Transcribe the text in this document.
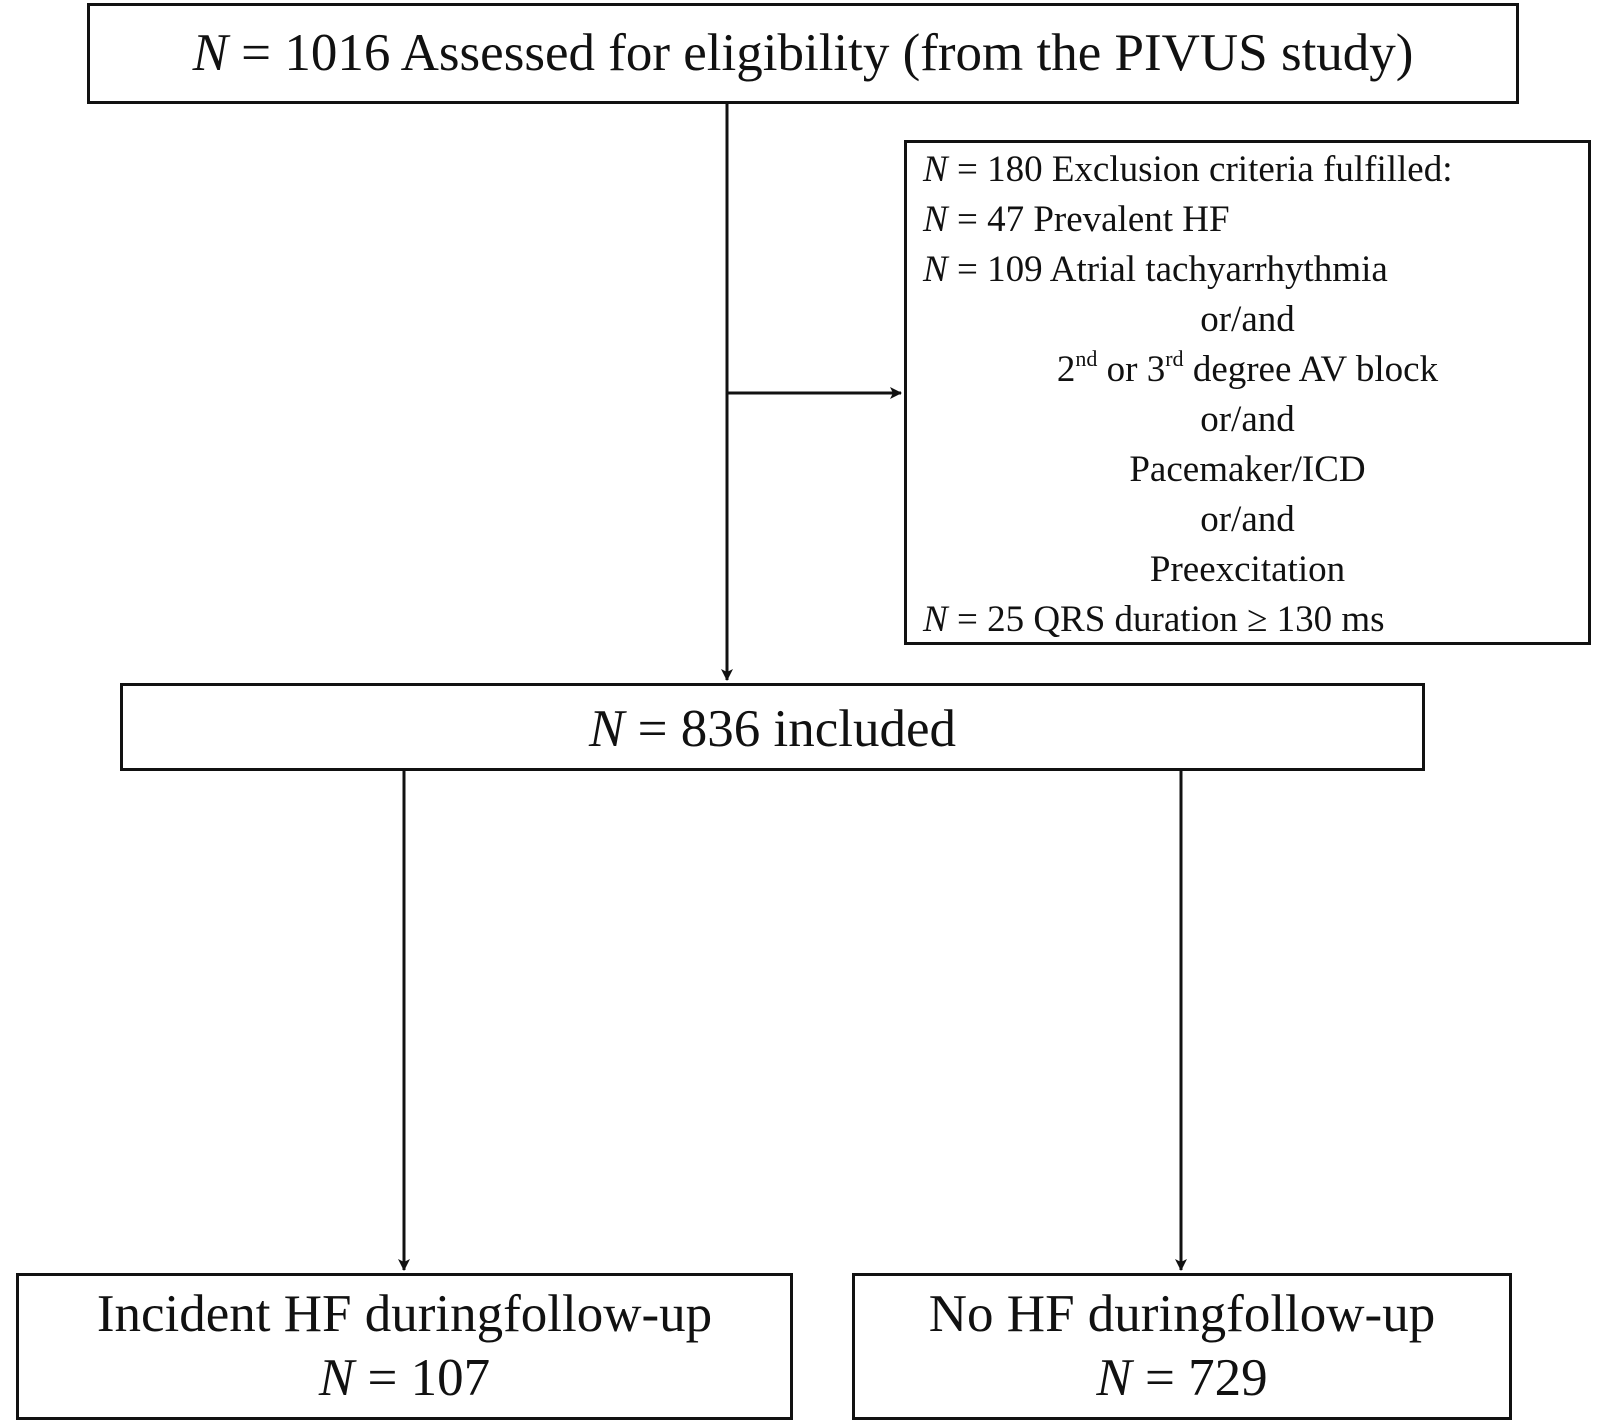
N = 1016 Assessed for eligibility (from the PIVUS study)
N = 180 Exclusion criteria fulfilled:
N = 47 Prevalent HF
N = 109 Atrial tachyarrhythmia
or/and
2nd or 3rd degree AV block
or/and
Pacemaker/ICD
or/and
Preexcitation
N = 25 QRS duration ≥ 130 ms
N = 836 included
Incident HF duringfollow-up
N = 107
No HF duringfollow-up
N = 729
